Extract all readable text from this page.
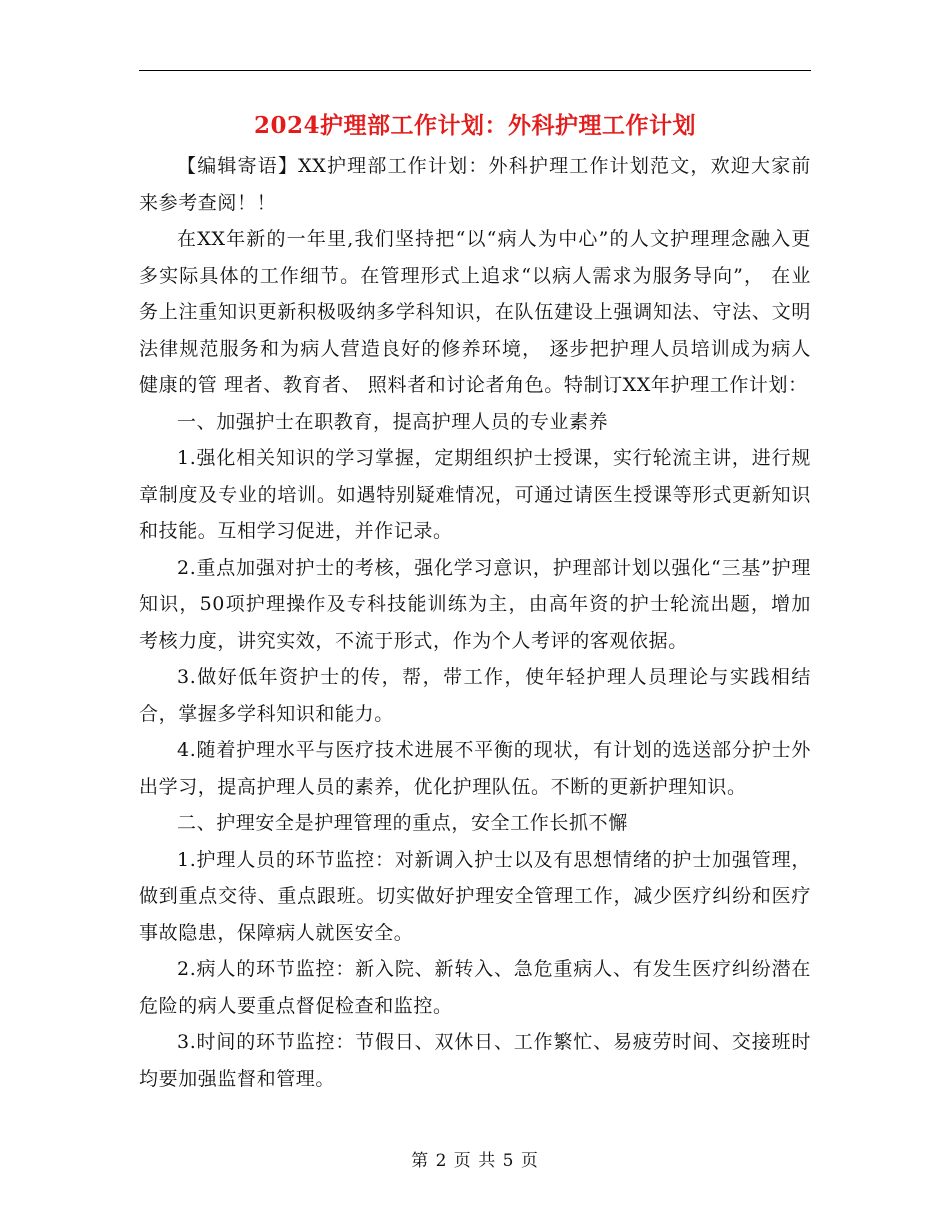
2024护理部工作计划：外科护理工作计划

【编辑寄语】XX护理部工作计划：外科护理工作计划范文，欢迎大家前来参考查阅！！

在XX年新的一年里,我们坚持把“以“病人为中心”的人文护理理念融入更多实际具体的工作细节。在管理形式上追求“以病人需求为服务导向”， 在业务上注重知识更新积极吸纳多学科知识，在队伍建设上强调知法、守法、文明法律规范服务和为病人营造良好的修养环境， 逐步把护理人员培训成为病人健康的管 理者、教育者、 照料者和讨论者角色。特制订XX年护理工作计划：

一、加强护士在职教育，提高护理人员的专业素养

1.强化相关知识的学习掌握，定期组织护士授课，实行轮流主讲，进行规章制度及专业的培训。如遇特别疑难情况，可通过请医生授课等形式更新知识和技能。互相学习促进，并作记录。

2.重点加强对护士的考核，强化学习意识，护理部计划以强化“三基”护理知识，50项护理操作及专科技能训练为主，由高年资的护士轮流出题，增加考核力度，讲究实效，不流于形式，作为个人考评的客观依据。

3.做好低年资护士的传，帮，带工作，使年轻护理人员理论与实践相结合，掌握多学科知识和能力。

4.随着护理水平与医疗技术进展不平衡的现状，有计划的选送部分护士外出学习，提高护理人员的素养，优化护理队伍。不断的更新护理知识。

二、护理安全是护理管理的重点，安全工作长抓不懈

1.护理人员的环节监控：对新调入护士以及有思想情绪的护士加强管理，做到重点交待、重点跟班。切实做好护理安全管理工作，减少医疗纠纷和医疗事故隐患，保障病人就医安全。

2.病人的环节监控：新入院、新转入、急危重病人、有发生医疗纠纷潜在危险的病人要重点督促检查和监控。

3.时间的环节监控：节假日、双休日、工作繁忙、易疲劳时间、交接班时均要加强监督和管理。

第 2 页 共 5 页
